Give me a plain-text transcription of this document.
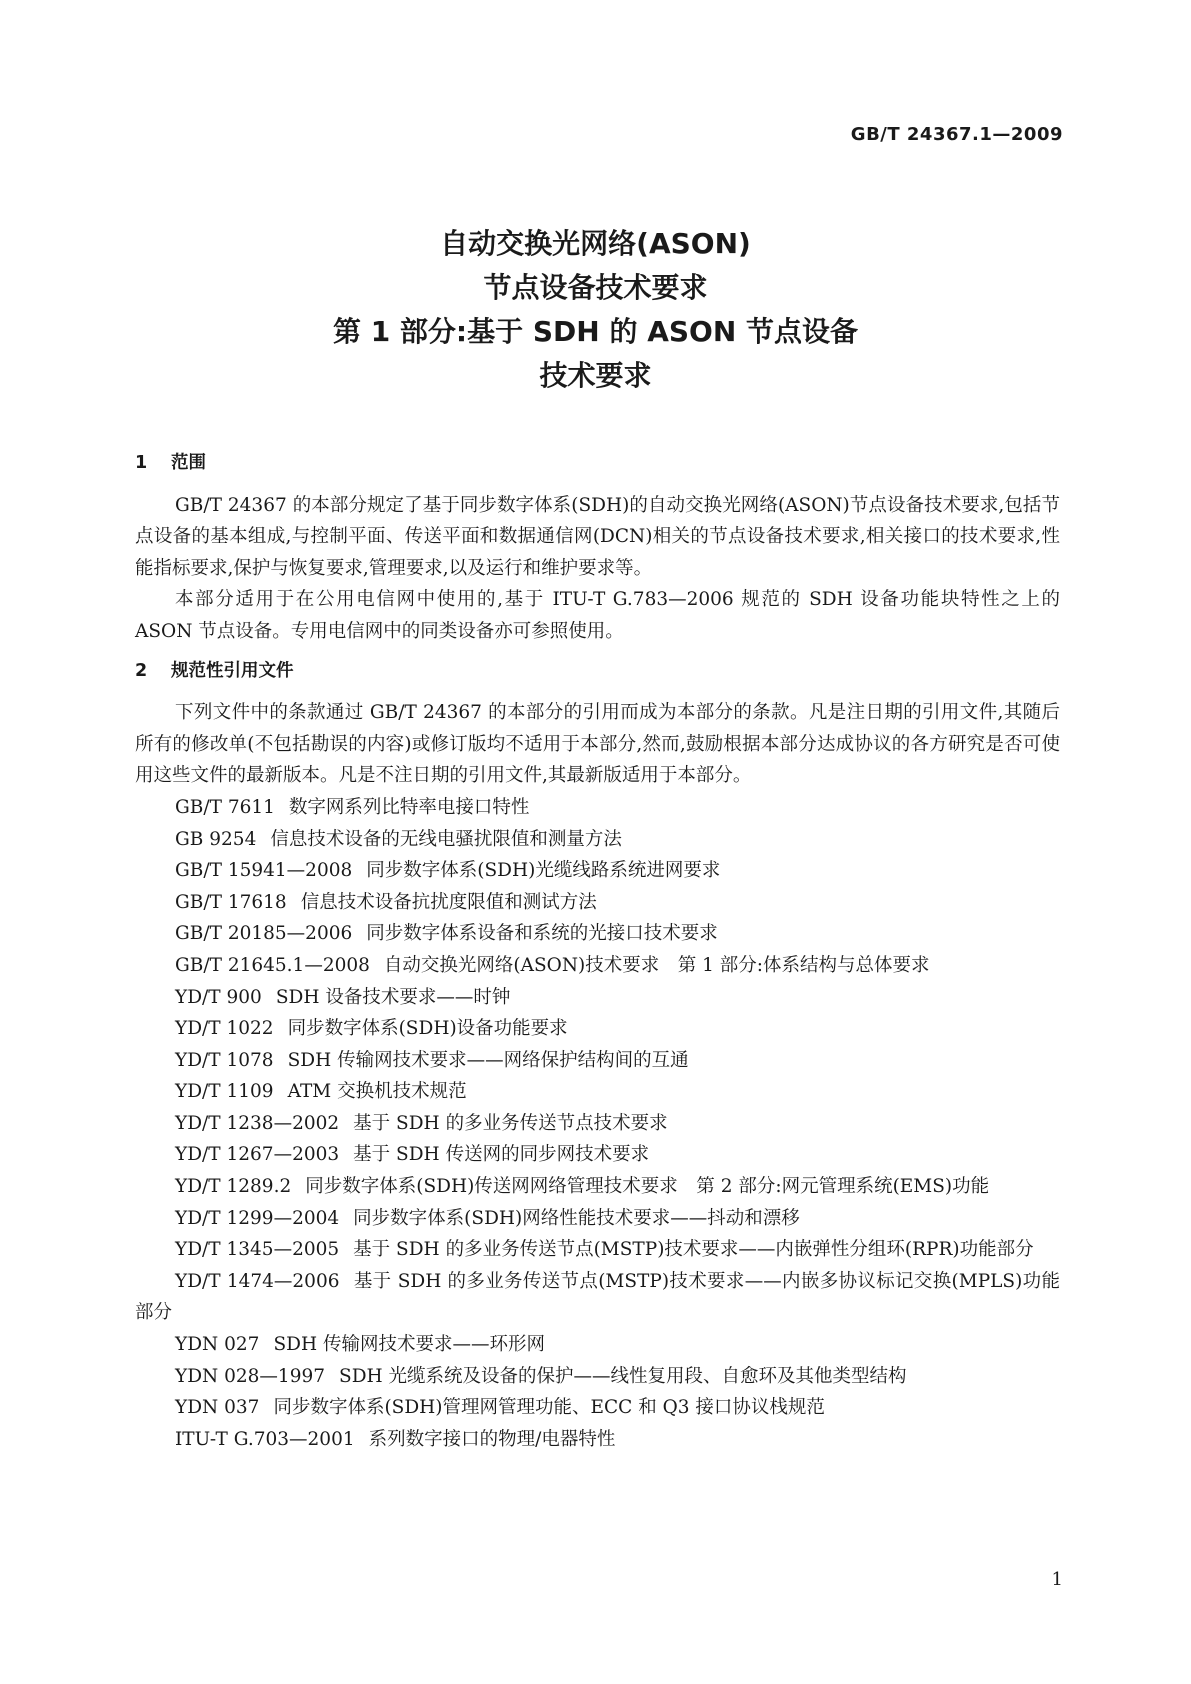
GB/T 24367.1—2009
自动交换光网络(ASON)
节点设备技术要求
第 1 部分:基于 SDH 的 ASON 节点设备
技术要求
1 范围

GB/T 24367 的本部分规定了基于同步数字体系(SDH)的自动交换光网络(ASON)节点设备技术要求,包括节点设备的基本组成,与控制平面、传送平面和数据通信网(DCN)相关的节点设备技术要求,相关接口的技术要求,性能指标要求,保护与恢复要求,管理要求,以及运行和维护要求等。

本部分适用于在公用电信网中使用的,基于 ITU-T G.783—2006 规范的 SDH 设备功能块特性之上的 ASON 节点设备。专用电信网中的同类设备亦可参照使用。

2 规范性引用文件

下列文件中的条款通过 GB/T 24367 的本部分的引用而成为本部分的条款。凡是注日期的引用文件,其随后所有的修改单(不包括勘误的内容)或修订版均不适用于本部分,然而,鼓励根据本部分达成协议的各方研究是否可使用这些文件的最新版本。凡是不注日期的引用文件,其最新版适用于本部分。

GB/T 7611 数字网系列比特率电接口特性
GB 9254 信息技术设备的无线电骚扰限值和测量方法
GB/T 15941—2008 同步数字体系(SDH)光缆线路系统进网要求
GB/T 17618 信息技术设备抗扰度限值和测试方法
GB/T 20185—2006 同步数字体系设备和系统的光接口技术要求
GB/T 21645.1—2008 自动交换光网络(ASON)技术要求　第 1 部分:体系结构与总体要求
YD/T 900 SDH 设备技术要求——时钟
YD/T 1022 同步数字体系(SDH)设备功能要求
YD/T 1078 SDH 传输网技术要求——网络保护结构间的互通
YD/T 1109 ATM 交换机技术规范
YD/T 1238—2002 基于 SDH 的多业务传送节点技术要求
YD/T 1267—2003 基于 SDH 传送网的同步网技术要求
YD/T 1289.2 同步数字体系(SDH)传送网网络管理技术要求　第 2 部分:网元管理系统(EMS)功能
YD/T 1299—2004 同步数字体系(SDH)网络性能技术要求——抖动和漂移
YD/T 1345—2005 基于 SDH 的多业务传送节点(MSTP)技术要求——内嵌弹性分组环(RPR)功能部分
YD/T 1474—2006 基于 SDH 的多业务传送节点(MSTP)技术要求——内嵌多协议标记交换(MPLS)功能部分
YDN 027 SDH 传输网技术要求——环形网
YDN 028—1997 SDH 光缆系统及设备的保护——线性复用段、自愈环及其他类型结构
YDN 037 同步数字体系(SDH)管理网管理功能、ECC 和 Q3 接口协议栈规范
ITU-T G.703—2001 系列数字接口的物理/电器特性
1
